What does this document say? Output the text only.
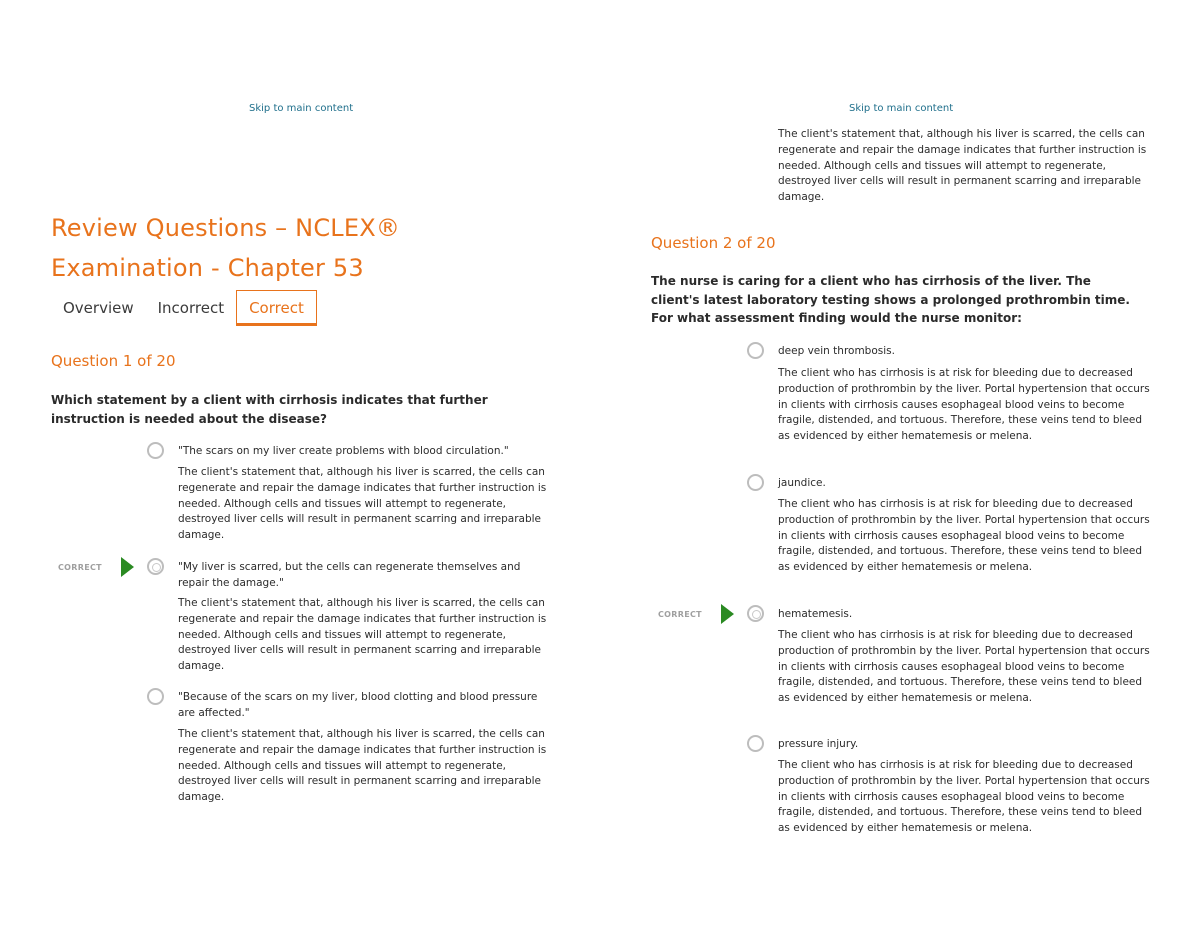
Skip to main content
Review Questions – NCLEX®
Examination - Chapter 53
Overview	Incorrect	Correct
Question 1 of 20

Which statement by a client with cirrhosis indicates that further instruction is needed about the disease?

"The scars on my liver create problems with blood circulation."

The client's statement that, although his liver is scarred, the cells can regenerate and repair the damage indicates that further instruction is needed. Although cells and tissues will attempt to regenerate, destroyed liver cells will result in permanent scarring and irreparable damage.

CORRECT	"My liver is scarred, but the cells can regenerate themselves and repair the damage."

The client's statement that, although his liver is scarred, the cells can regenerate and repair the damage indicates that further instruction is needed. Although cells and tissues will attempt to regenerate, destroyed liver cells will result in permanent scarring and irreparable damage.

"Because of the scars on my liver, blood clotting and blood pressure are affected."

The client's statement that, although his liver is scarred, the cells can regenerate and repair the damage indicates that further instruction is needed. Although cells and tissues will attempt to regenerate, destroyed liver cells will result in permanent scarring and irreparable damage.

Skip to main content

The client's statement that, although his liver is scarred, the cells can regenerate and repair the damage indicates that further instruction is needed. Although cells and tissues will attempt to regenerate, destroyed liver cells will result in permanent scarring and irreparable damage.

Question 2 of 20

The nurse is caring for a client who has cirrhosis of the liver. The client's latest laboratory testing shows a prolonged prothrombin time. For what assessment finding would the nurse monitor:

deep vein thrombosis.

The client who has cirrhosis is at risk for bleeding due to decreased production of prothrombin by the liver. Portal hypertension that occurs in clients with cirrhosis causes esophageal blood veins to become fragile, distended, and tortuous. Therefore, these veins tend to bleed as evidenced by either hematemesis or melena.

jaundice.

The client who has cirrhosis is at risk for bleeding due to decreased production of prothrombin by the liver. Portal hypertension that occurs in clients with cirrhosis causes esophageal blood veins to become fragile, distended, and tortuous. Therefore, these veins tend to bleed as evidenced by either hematemesis or melena.

CORRECT	hematemesis.

The client who has cirrhosis is at risk for bleeding due to decreased production of prothrombin by the liver. Portal hypertension that occurs in clients with cirrhosis causes esophageal blood veins to become fragile, distended, and tortuous. Therefore, these veins tend to bleed as evidenced by either hematemesis or melena.

pressure injury.

The client who has cirrhosis is at risk for bleeding due to decreased production of prothrombin by the liver. Portal hypertension that occurs in clients with cirrhosis causes esophageal blood veins to become fragile, distended, and tortuous. Therefore, these veins tend to bleed as evidenced by either hematemesis or melena.
